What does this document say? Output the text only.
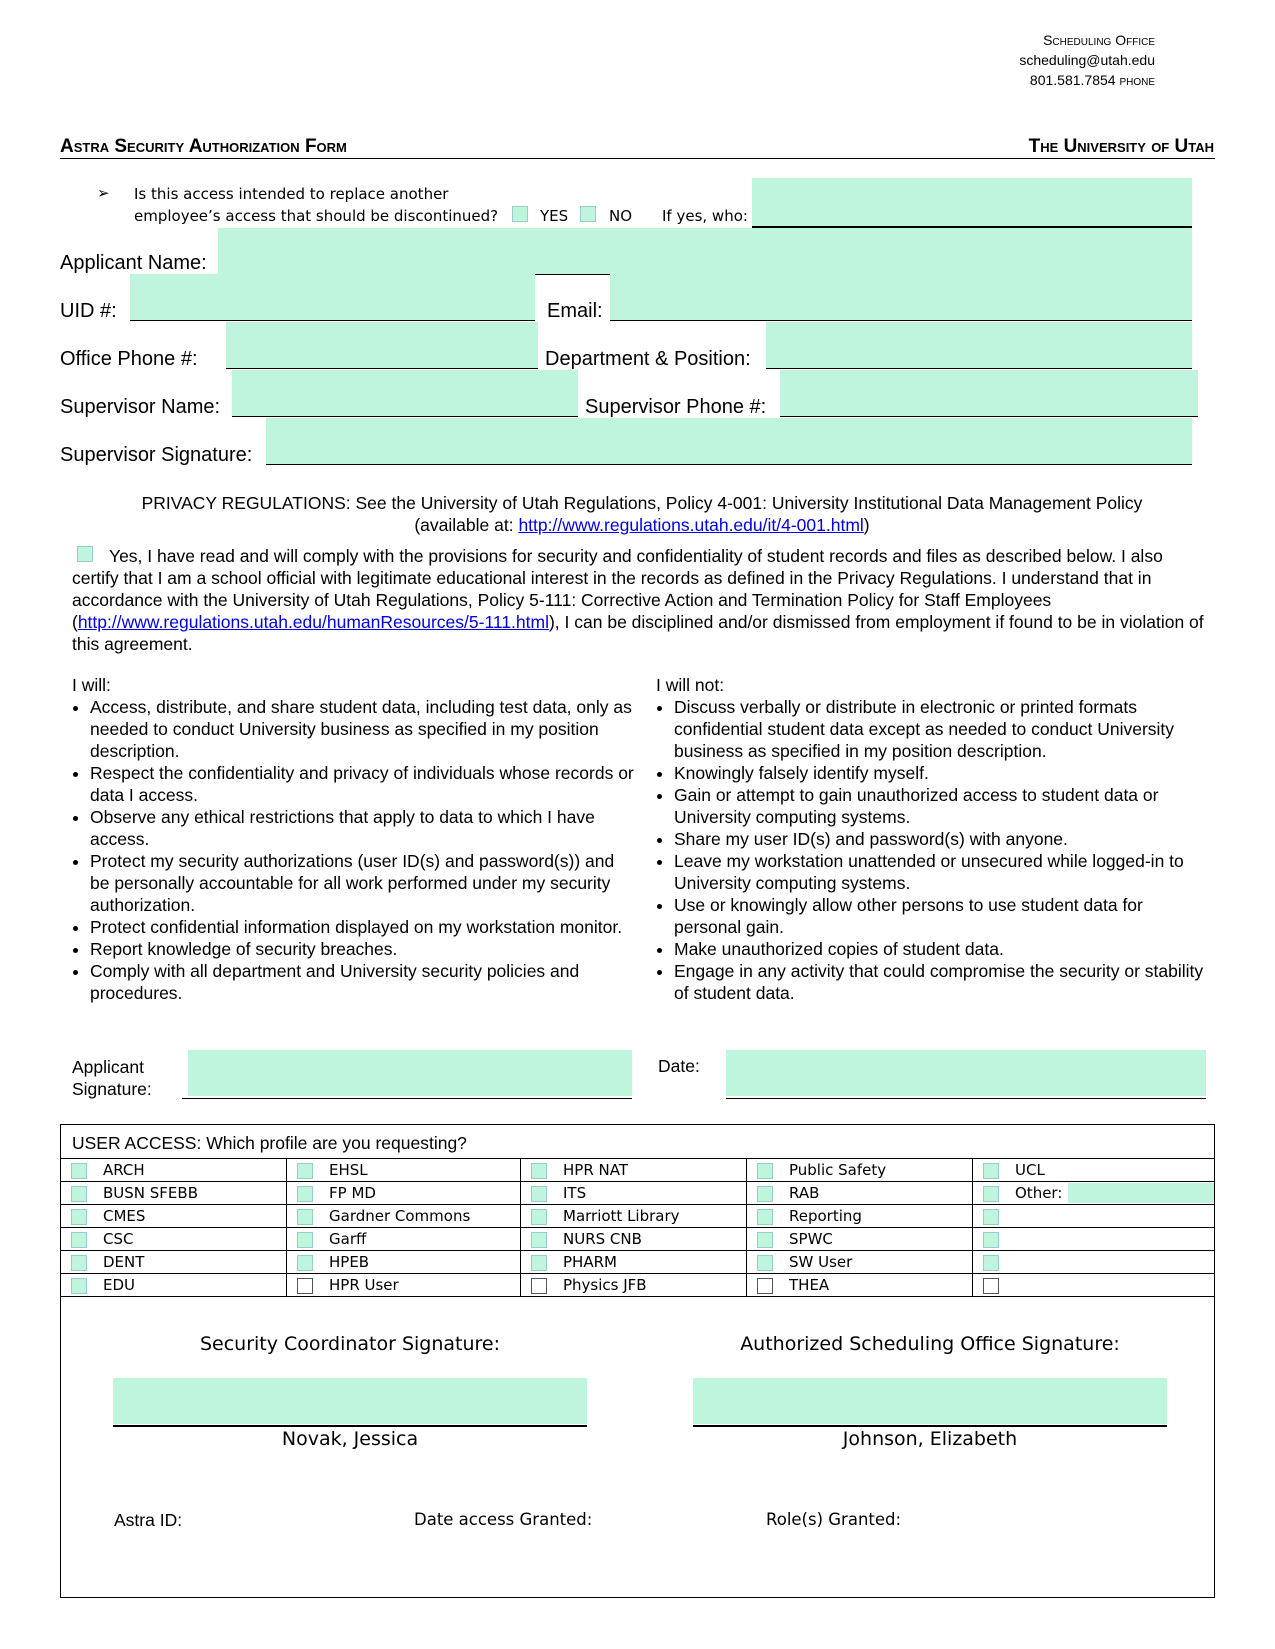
Scheduling Office
scheduling@utah.edu
801.581.7854 phone
Astra Security Authorization Form	The University of Utah
➢ Is this access intended to replace another
employee’s access that should be discontinued?	YES	NO If yes, who:
Applicant Name:
UID #:	Email:
Office Phone #:	Department & Position:
Supervisor Name:	Supervisor Phone #:
Supervisor Signature:
PRIVACY REGULATIONS: See the University of Utah Regulations, Policy 4-001: University Institutional Data Management Policy
(available at: http://www.regulations.utah.edu/it/4-001.html)
Yes, I have read and will comply with the provisions for security and confidentiality of student records and files as described below. I also certify that I am a school official with legitimate educational interest in the records as defined in the Privacy Regulations. I understand that in accordance with the University of Utah Regulations, Policy 5-111: Corrective Action and Termination Policy for Staff Employees (http://www.regulations.utah.edu/humanResources/5-111.html), I can be disciplined and/or dismissed from employment if found to be in violation of this agreement.
I will:
• Access, distribute, and share student data, including test data, only as needed to conduct University business as specified in my position description.
• Respect the confidentiality and privacy of individuals whose records or data I access.
• Observe any ethical restrictions that apply to data to which I have access.
• Protect my security authorizations (user ID(s) and password(s)) and be personally accountable for all work performed under my security authorization.
• Protect confidential information displayed on my workstation monitor.
• Report knowledge of security breaches.
• Comply with all department and University security policies and procedures.
I will not:
• Discuss verbally or distribute in electronic or printed formats confidential student data except as needed to conduct University business as specified in my position description.
• Knowingly falsely identify myself.
• Gain or attempt to gain unauthorized access to student data or University computing systems.
• Share my user ID(s) and password(s) with anyone.
• Leave my workstation unattended or unsecured while logged-in to University computing systems.
• Use or knowingly allow other persons to use student data for personal gain.
• Make unauthorized copies of student data.
• Engage in any activity that could compromise the security or stability of student data.
Applicant
Signature:
Date:
USER ACCESS: Which profile are you requesting?
ARCH	EHSL	HPR NAT	Public Safety	UCL
BUSN SFEBB	FP MD	ITS	RAB	Other:

CMES	Gardner Commons	Marriott Library	Reporting	
CSC	Garff	NURS CNB	SPWC	
DENT	HPEB	PHARM	SW User	
EDU	HPR User	Physics JFB	THEA	
Security Coordinator Signature:
Novak, Jessica
Authorized Scheduling Office Signature:
Johnson, Elizabeth
Astra ID:	Date access Granted:	Role(s) Granted:
